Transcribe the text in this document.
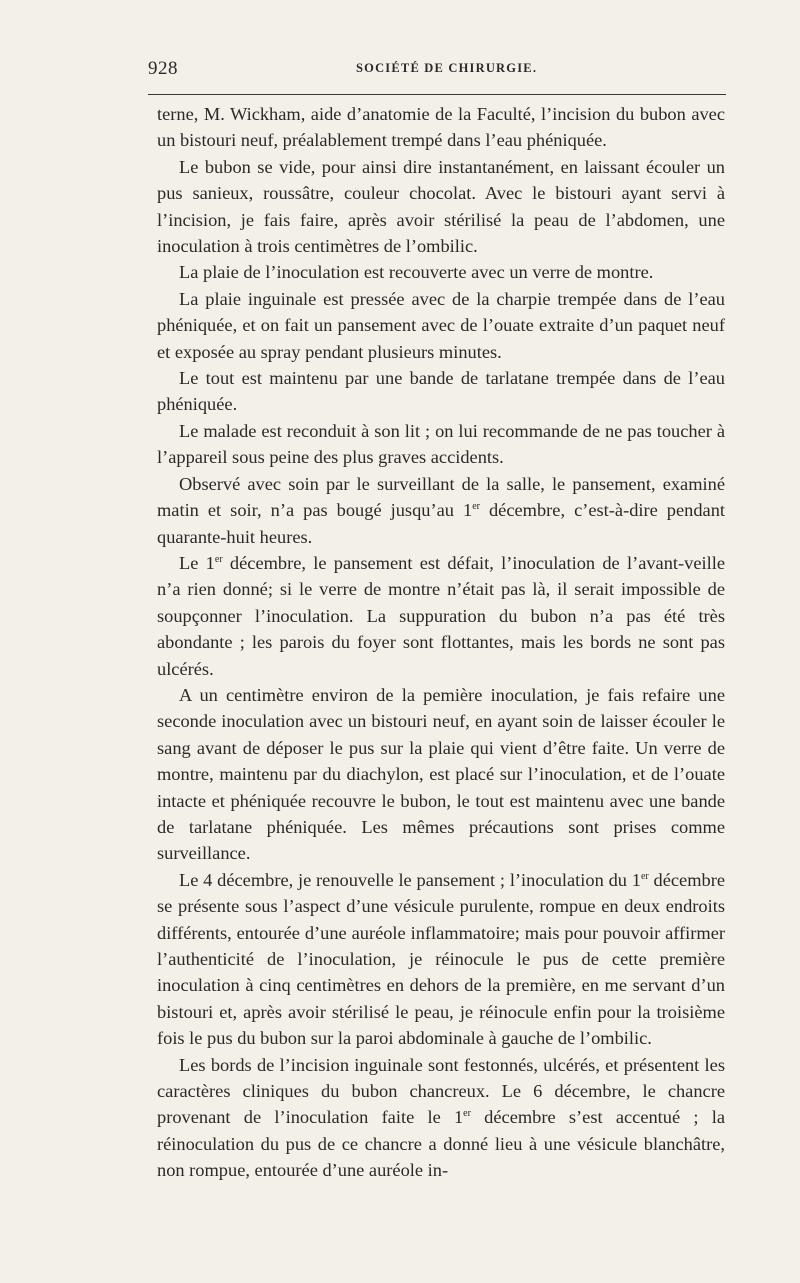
928	SOCIÉTÉ DE CHIRURGIE.

terne, M. Wickham, aide d’anatomie de la Faculté, l’incision du bubon avec un bistouri neuf, préalablement trempé dans l’eau phéniquée.

Le bubon se vide, pour ainsi dire instantanément, en laissant écouler un pus sanieux, roussâtre, couleur chocolat. Avec le bistouri ayant servi à l’incision, je fais faire, après avoir stérilisé la peau de l’abdomen, une inoculation à trois centimètres de l’ombilic.

La plaie de l’inoculation est recouverte avec un verre de montre.

La plaie inguinale est pressée avec de la charpie trempée dans de l’eau phéniquée, et on fait un pansement avec de l’ouate extraite d’un paquet neuf et exposée au spray pendant plusieurs minutes.

Le tout est maintenu par une bande de tarlatane trempée dans de l’eau phéniquée.

Le malade est reconduit à son lit ; on lui recommande de ne pas toucher à l’appareil sous peine des plus graves accidents.

Observé avec soin par le surveillant de la salle, le pansement, examiné matin et soir, n’a pas bougé jusqu’au 1er décembre, c’est-à-dire pendant quarante-huit heures.

Le 1er décembre, le pansement est défait, l’inoculation de l’avant-veille n’a rien donné; si le verre de montre n’était pas là, il serait impossible de soupçonner l’inoculation. La suppuration du bubon n’a pas été très abondante ; les parois du foyer sont flottantes, mais les bords ne sont pas ulcérés.

A un centimètre environ de la pemière inoculation, je fais refaire une seconde inoculation avec un bistouri neuf, en ayant soin de laisser écouler le sang avant de déposer le pus sur la plaie qui vient d’être faite. Un verre de montre, maintenu par du diachylon, est placé sur l’inoculation, et de l’ouate intacte et phéniquée recouvre le bubon, le tout est maintenu avec une bande de tarlatane phéniquée. Les mêmes précautions sont prises comme surveillance.

Le 4 décembre, je renouvelle le pansement ; l’inoculation du 1er décembre se présente sous l’aspect d’une vésicule purulente, rompue en deux endroits différents, entourée d’une auréole inflammatoire; mais pour pouvoir affirmer l’authenticité de l’inoculation, je réinocule le pus de cette première inoculation à cinq centimètres en dehors de la première, en me servant d’un bistouri et, après avoir stérilisé le peau, je réinocule enfin pour la troisième fois le pus du bubon sur la paroi abdominale à gauche de l’ombilic.

Les bords de l’incision inguinale sont festonnés, ulcérés, et présentent les caractères cliniques du bubon chancreux. Le 6 décembre, le chancre provenant de l’inoculation faite le 1er décembre s’est accentué ; la réinoculation du pus de ce chancre a donné lieu à une vésicule blanchâtre, non rompue, entourée d’une auréole in-
